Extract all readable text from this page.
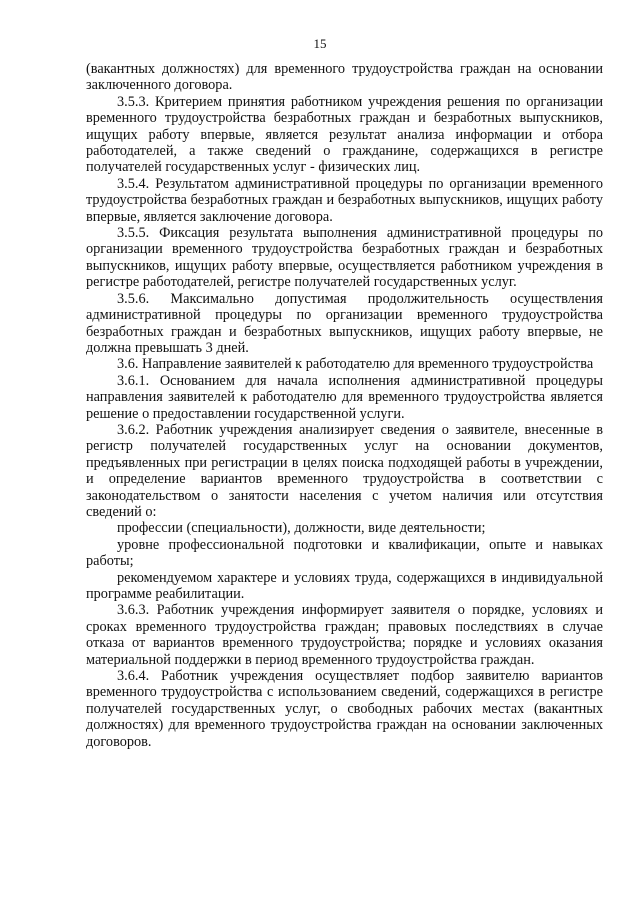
15

(вакантных должностях) для временного трудоустройства граждан на основании заключенного договора.

3.5.3. Критерием принятия работником учреждения решения по организации временного трудоустройства безработных граждан и безработных выпускников, ищущих работу впервые, является результат анализа информации и отбора работодателей, а также сведений о гражданине, содержащихся в регистре получателей государственных услуг - физических лиц.

3.5.4. Результатом административной процедуры по организации временного трудоустройства безработных граждан и безработных выпускников, ищущих работу впервые, является заключение договора.

3.5.5. Фиксация результата выполнения административной процедуры по организации временного трудоустройства безработных граждан и безработных выпускников, ищущих работу впервые, осуществляется работником учреждения в регистре работодателей, регистре получателей государственных услуг.

3.5.6. Максимально допустимая продолжительность осуществления административной процедуры по организации временного трудоустройства безработных граждан и безработных выпускников, ищущих работу впервые, не должна превышать 3 дней.

3.6. Направление заявителей к работодателю для временного трудоустройства

3.6.1. Основанием для начала исполнения административной процедуры направления заявителей к работодателю для временного трудоустройства является решение о предоставлении государственной услуги.

3.6.2. Работник учреждения анализирует сведения о заявителе, внесенные в регистр получателей государственных услуг на основании документов, предъявленных при регистрации в целях поиска подходящей работы в учреждении, и определение вариантов временного трудоустройства в соответствии с законодательством о занятости населения с учетом наличия или отсутствия сведений о:

профессии (специальности), должности, виде деятельности;

уровне профессиональной подготовки и квалификации, опыте и навыках работы;

рекомендуемом характере и условиях труда, содержащихся в индивидуальной программе реабилитации.

3.6.3. Работник учреждения информирует заявителя о порядке, условиях и сроках временного трудоустройства граждан; правовых последствиях в случае отказа от вариантов временного трудоустройства; порядке и условиях оказания материальной поддержки в период временного трудоустройства граждан.

3.6.4. Работник учреждения осуществляет подбор заявителю вариантов временного трудоустройства с использованием сведений, содержащихся в регистре получателей государственных услуг, о свободных рабочих местах (вакантных должностях) для временного трудоустройства граждан на основании заключенных договоров.
